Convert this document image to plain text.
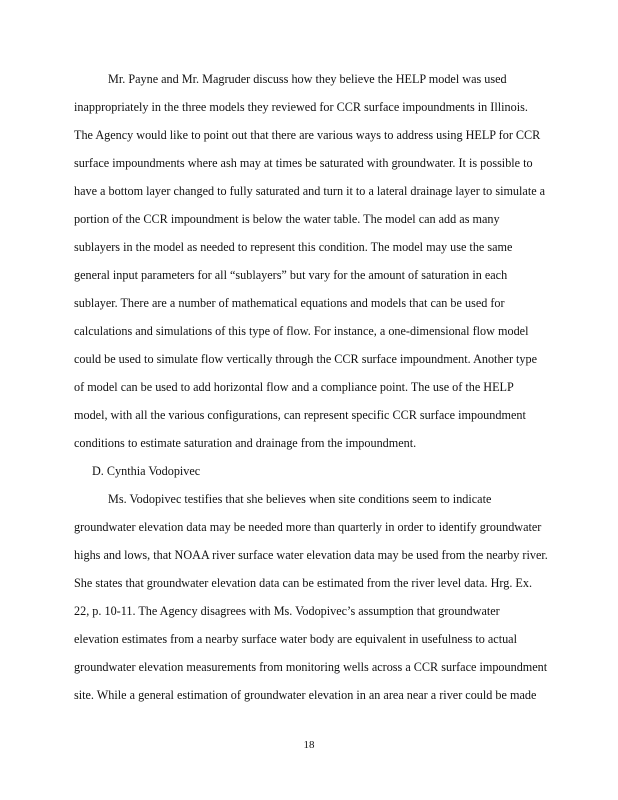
Mr. Payne and Mr. Magruder discuss how they believe the HELP model was used
inappropriately in the three models they reviewed for CCR surface impoundments in Illinois.
The Agency would like to point out that there are various ways to address using HELP for CCR
surface impoundments where ash may at times be saturated with groundwater. It is possible to
have a bottom layer changed to fully saturated and turn it to a lateral drainage layer to simulate a
portion of the CCR impoundment is below the water table. The model can add as many
sublayers in the model as needed to represent this condition. The model may use the same
general input parameters for all “sublayers” but vary for the amount of saturation in each
sublayer. There are a number of mathematical equations and models that can be used for
calculations and simulations of this type of flow. For instance, a one-dimensional flow model
could be used to simulate flow vertically through the CCR surface impoundment. Another type
of model can be used to add horizontal flow and a compliance point. The use of the HELP
model, with all the various configurations, can represent specific CCR surface impoundment
conditions to estimate saturation and drainage from the impoundment.
D. Cynthia Vodopivec
Ms. Vodopivec testifies that she believes when site conditions seem to indicate
groundwater elevation data may be needed more than quarterly in order to identify groundwater
highs and lows, that NOAA river surface water elevation data may be used from the nearby river.
She states that groundwater elevation data can be estimated from the river level data. Hrg. Ex.
22, p. 10-11. The Agency disagrees with Ms. Vodopivec’s assumption that groundwater
elevation estimates from a nearby surface water body are equivalent in usefulness to actual
groundwater elevation measurements from monitoring wells across a CCR surface impoundment
site. While a general estimation of groundwater elevation in an area near a river could be made
18
